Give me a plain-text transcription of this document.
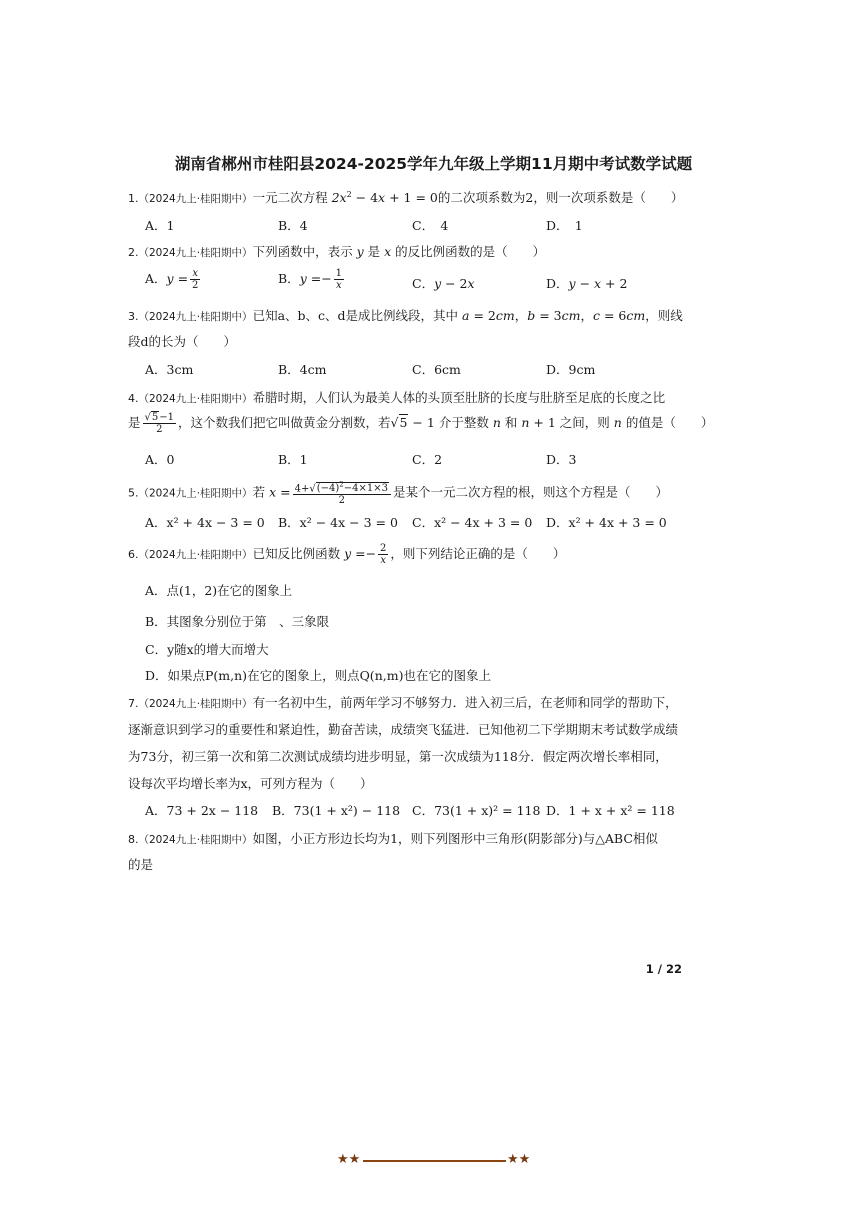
湖南省郴州市桂阳县2024-2025学年九年级上学期11月期中考试数学试题
1.（2024九上·桂阳期中）一元二次方程 $2x^2 - 4x + 1 = 0$的二次项系数为2，则一次项系数是（　　）
A．1	B．4	C．　4	D．　1
2.（2024九上·桂阳期中）下列函数中，表示 y 是 x 的反比例函数的是（　　）
A．$y = \frac{x}{2}$	B．$y =- \frac{1}{x}$	C．y − 2x	D．y − x + 2
3.（2024九上·桂阳期中）已知a、b、c、d是成比例线段，其中 a = 2cm，b = 3cm，c = 6cm，则线
段d的长为（　　）
A．3cm	B．4cm	C．6cm	D．9cm
4.（2024九上·桂阳期中）希腊时期，人们认为最美人体的头顶至肚脐的长度与肚脐至足底的长度之比
是 $\frac{√5-1}{2}$ ，这个数我们把它叫做黄金分割数，若√5 − 1 介于整数 n 和 n + 1 之间，则 n 的值是（　　）
A．0	B．1	C．2	D．3
5.（2024九上·桂阳期中）若 $x = \frac{4+√(-4)^2-4\times 1\times 3}{2}$ 是某个一元二次方程的根，则这个方程是（　　）
A．x² + 4x − 3 = 0 B．x² − 4x − 3 = 0 C．x² − 4x + 3 = 0 D．x² + 4x + 3 = 0
6.（2024九上·桂阳期中）已知反比例函数 $y =- \frac{2}{x}$ ，则下列结论正确的是（　　）
A．点(1，2)在它的图象上
B．其图象分别位于第　、三象限
C．y随x的增大而增大
D．如果点P(m,n)在它的图象上，则点Q(n,m)也在它的图象上
7.（2024九上·桂阳期中）有一名初中生，前两年学习不够努力．进入初三后，在老师和同学的帮助下，
逐渐意识到学习的重要性和紧迫性，勤奋苦读，成绩突飞猛进．已知他初二下学期期末考试数学成绩
为73分，初三第一次和第二次测试成绩均进步明显，第一次成绩为118分．假定两次增长率相同，
设每次平均增长率为x，可列方程为（　　）
A．73 + 2x − 118 B．73(1 + x²) − 118 C．73(1 + x)² = 118 D．1 + x + x² = 118
8.（2024九上·桂阳期中）如图，小正方形边长均为1，则下列图形中三角形(阴影部分)与△ABC相似
的是
1 / 22
★★	★★
